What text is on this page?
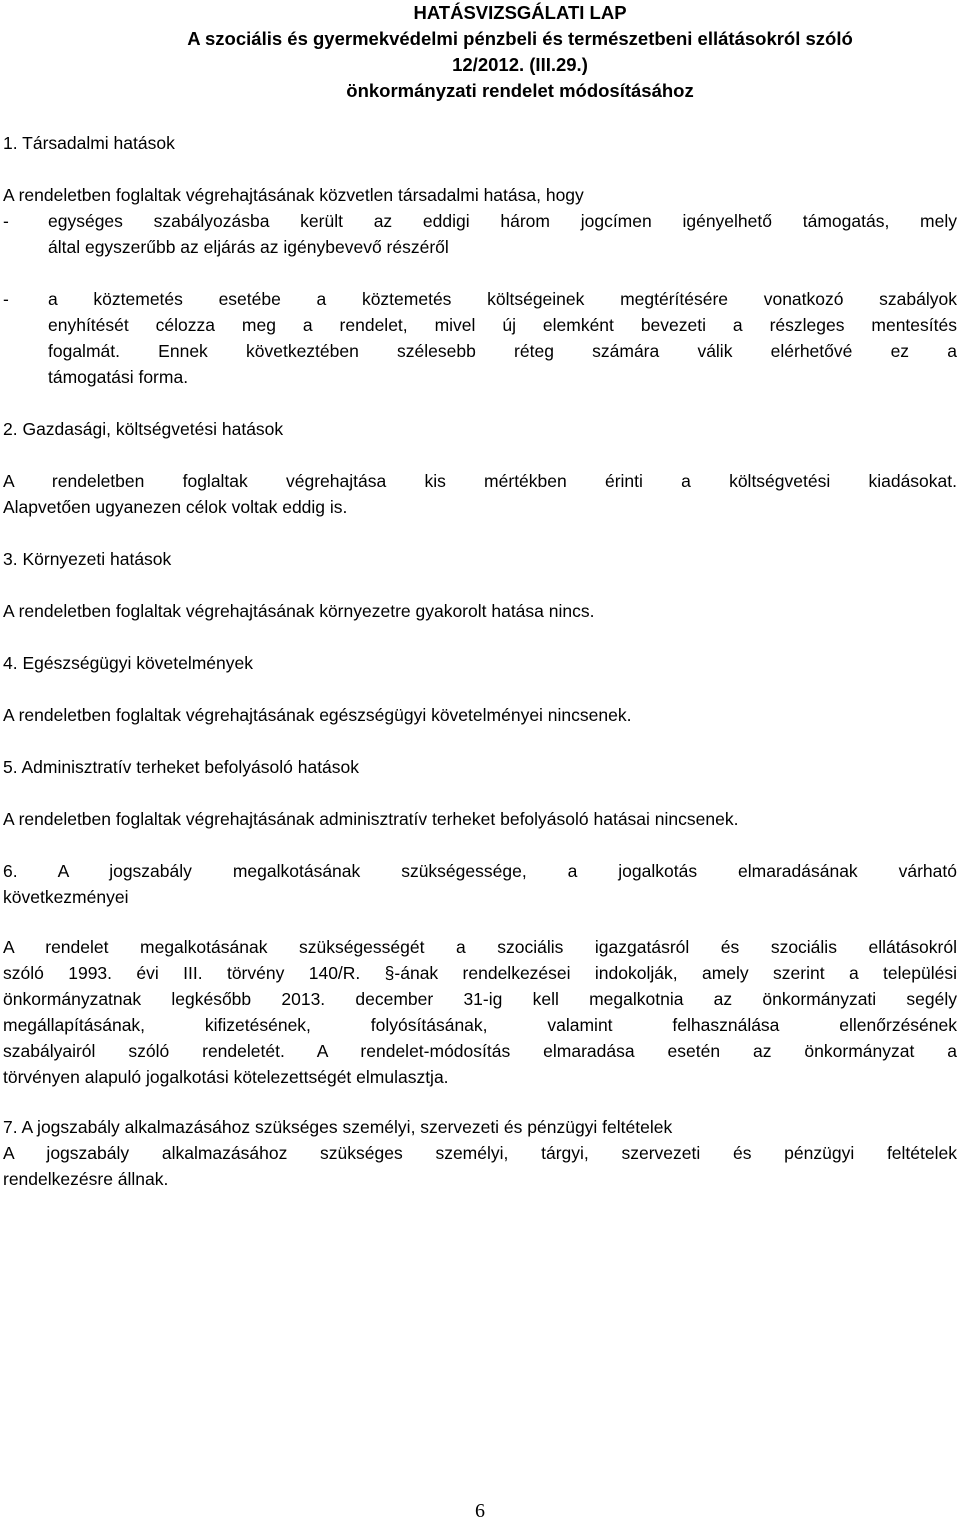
HATÁSVIZSGÁLATI LAP
A szociális és gyermekvédelmi pénzbeli és természetbeni ellátásokról szóló
12/2012. (III.29.)
önkormányzati rendelet módosításához
1. Társadalmi hatások
A rendeletben foglaltak végrehajtásának közvetlen társadalmi hatása, hogy
- egységes szabályozásba került az eddigi három jogcímen igényelhető támogatás, mely
által egyszerűbb az eljárás az igénybevevő részéről
- a köztemetés esetébe a köztemetés költségeinek megtérítésére vonatkozó szabályok
enyhítését célozza meg a rendelet, mivel új elemként bevezeti a részleges mentesítés
fogalmát. Ennek következtében szélesebb réteg számára válik elérhetővé ez a
támogatási forma.
2. Gazdasági, költségvetési hatások
A rendeletben foglaltak végrehajtása kis mértékben érinti a költségvetési kiadásokat.
Alapvetően ugyanezen célok voltak eddig is.
3. Környezeti hatások
A rendeletben foglaltak végrehajtásának környezetre gyakorolt hatása nincs.
4. Egészségügyi követelmények
A rendeletben foglaltak végrehajtásának egészségügyi követelményei nincsenek.
5. Adminisztratív terheket befolyásoló hatások
A rendeletben foglaltak végrehajtásának adminisztratív terheket befolyásoló hatásai nincsenek.
6. A jogszabály megalkotásának szükségessége, a jogalkotás elmaradásának várható
következményei
A rendelet megalkotásának szükségességét a szociális igazgatásról és szociális ellátásokról
szóló 1993. évi III. törvény 140/R. §-ának rendelkezései indokolják, amely szerint a települési
önkormányzatnak legkésőbb 2013. december 31-ig kell megalkotnia az önkormányzati segély
megállapításának, kifizetésének, folyósításának, valamint felhasználása ellenőrzésének
szabályairól szóló rendeletét. A rendelet-módosítás elmaradása esetén az önkormányzat a
törvényen alapuló jogalkotási kötelezettségét elmulasztja.
7. A jogszabály alkalmazásához szükséges személyi, szervezeti és pénzügyi feltételek
A jogszabály alkalmazásához szükséges személyi, tárgyi, szervezeti és pénzügyi feltételek
rendelkezésre állnak.
6
